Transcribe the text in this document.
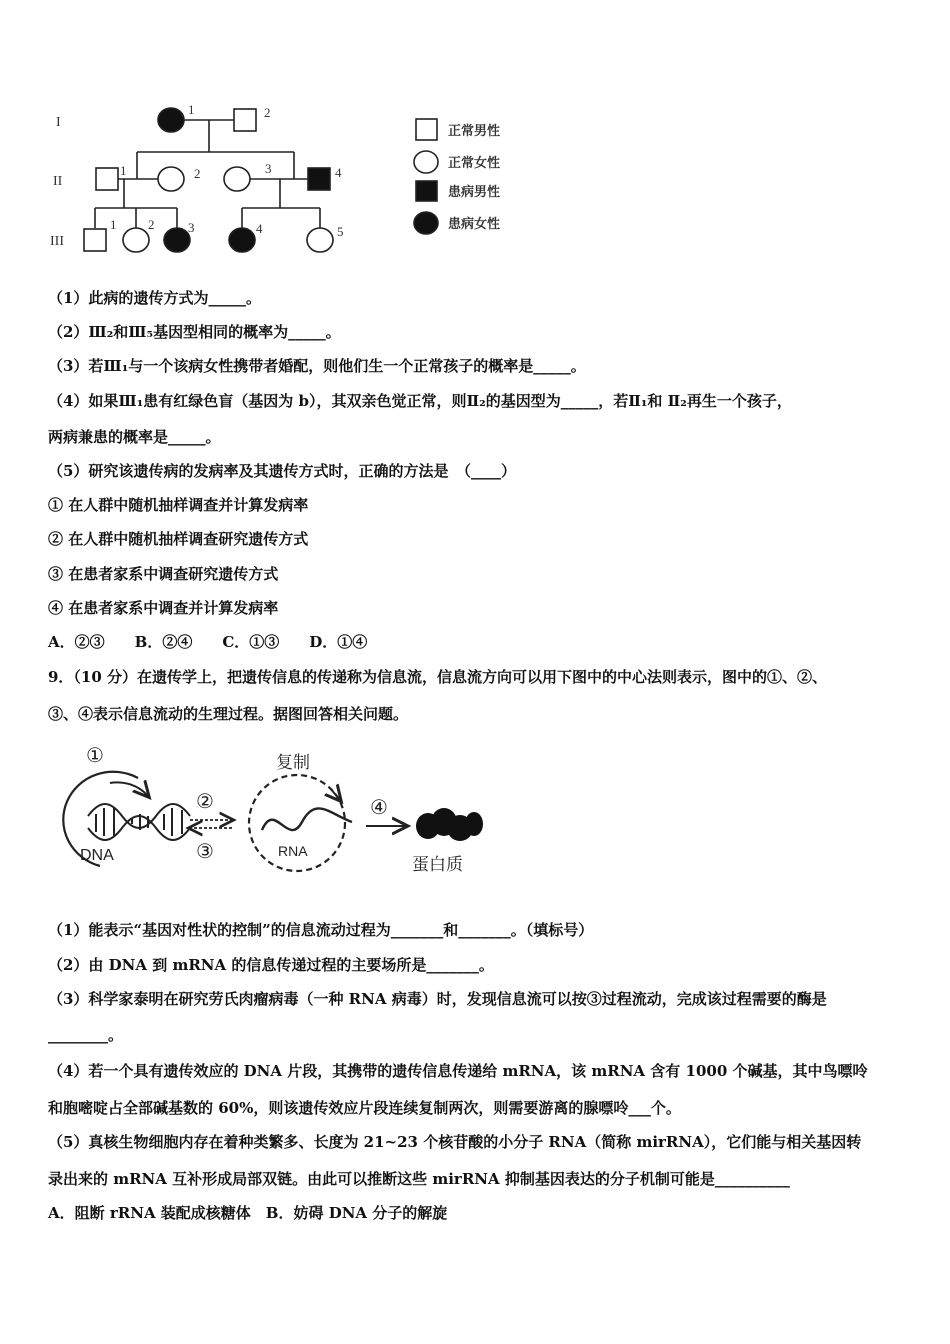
I
II
III
1	2
1	2	3	4
1 2	3	4	5
正常男性
正常女性
患病男性
患病女性
（1）此病的遗传方式为_____。
（2）Ⅲ₂和Ⅲ₅基因型相同的概率为_____。
（3）若Ⅲ₁与一个该病女性携带者婚配，则他们生一个正常孩子的概率是_____。
（4）如果Ⅲ₁患有红绿色盲（基因为 b），其双亲色觉正常，则Ⅱ₂的基因型为_____，若Ⅱ₁和 Ⅱ₂再生一个孩子，
两病兼患的概率是_____。
（5）研究该遗传病的发病率及其遗传方式时，正确的方法是　（____）
① 在人群中随机抽样调查并计算发病率
② 在人群中随机抽样调查研究遗传方式
③ 在患者家系中调查研究遗传方式
④ 在患者家系中调查并计算发病率
A．②③　　B．②④　　C．①③　　D．①④
9．（10 分）在遗传学上，把遗传信息的传递称为信息流，信息流方向可以用下图中的中心法则表示，图中的①、②、
③、④表示信息流动的生理过程。据图回答相关问题。
DNA
①
②
③
④
复制
RNA
蛋白质
（1）能表示“基因对性状的控制”的信息流动过程为_______和_______。（填标号）
（2）由 DNA 到 mRNA 的信息传递过程的主要场所是_______。
（3）科学家泰明在研究劳氏肉瘤病毒（一种 RNA 病毒）时，发现信息流可以按③过程流动，完成该过程需要的酶是
________。
（4）若一个具有遗传效应的 DNA 片段，其携带的遗传信息传递给 mRNA，该 mRNA 含有 1000 个碱基，其中鸟嘌呤
和胞嘧啶占全部碱基数的 60%，则该遗传效应片段连续复制两次，则需要游离的腺嘌呤___个。
（5）真核生物细胞内存在着种类繁多、长度为 21~23 个核苷酸的小分子 RNA（简称 mirRNA），它们能与相关基因转
录出来的 mRNA 互补形成局部双链。由此可以推断这些 mirRNA 抑制基因表达的分子机制可能是__________
A．阻断 rRNA 装配成核糖体　B．妨碍 DNA 分子的解旋
